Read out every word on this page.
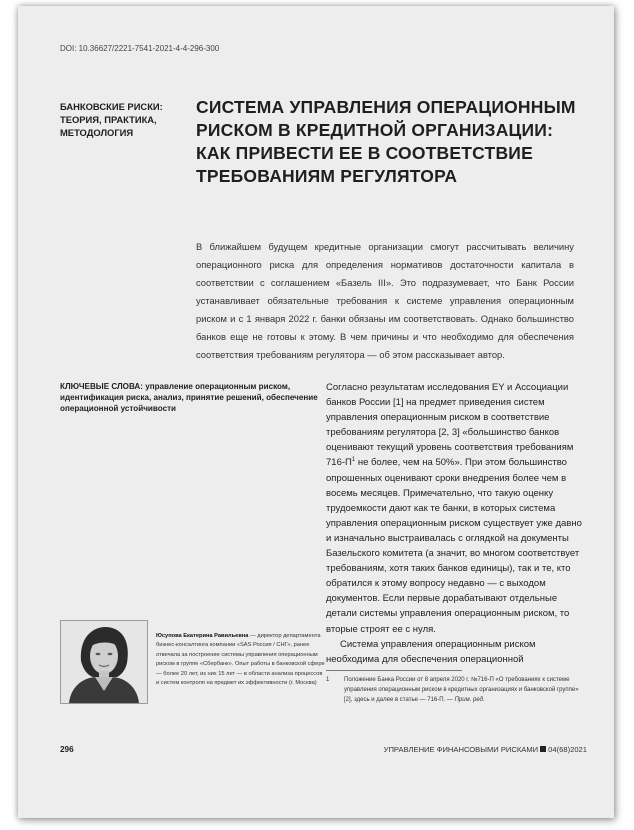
DOI: 10.36627/2221-7541-2021-4-4-296-300
БАНКОВСКИЕ РИСКИ:
ТЕОРИЯ, ПРАКТИКА,
МЕТОДОЛОГИЯ
СИСТЕМА УПРАВЛЕНИЯ ОПЕРАЦИОННЫМ
РИСКОМ В КРЕДИТНОЙ ОРГАНИЗАЦИИ:
КАК ПРИВЕСТИ ЕЕ В СООТВЕТСТВИЕ
ТРЕБОВАНИЯМ РЕГУЛЯТОРА
В ближайшем будущем кредитные организации смогут рассчитывать величину операционного риска для определения нормативов достаточности капитала в соответствии с соглашением «Базель III». Это подразумевает, что Банк России устанавливает обязательные требования к системе управления операционным риском и с 1 января 2022 г. банки обязаны им соответствовать. Однако большинство банков еще не готовы к этому. В чем причины и что необходимо для обеспечения соответствия требованиям регулятора — об этом рассказывает автор.
КЛЮЧЕВЫЕ СЛОВА: управление операционным риском, идентификация риска, анализ, принятие решений, обеспечение операционной устойчивости

Согласно результатам исследования EY и Ассоциации банков России [1] на предмет приведения систем управления операционным риском в соответствие требованиям регулятора [2, 3] «большинство банков оценивают текущий уровень соответствия требованиям $716-П^1$ не более, чем на 50%». При этом большинство опрошенных оценивают сроки внедрения более чем в восемь месяцев. Примечательно, что такую оценку трудоемкости дают как те банки, в которых система управления операционным риском существует уже давно и изначально выстраивалась с оглядкой на документы Базельского комитета (а значит, во многом соответствует требованиям, хотя таких банков единицы), так и те, кто обратился к этому вопросу недавно — с выходом документов. Если первые дорабатывают отдельные детали системы управления операционным риском, то вторые строят ее с нуля.

Система управления операционным риском необходима для обеспечения операционной

Юсупова Екатерина Равильевна — директор департамента бизнес-консалтинга компании «SAS Россия / СНГ», ранее отвечала за построение системы управления операционным риском в группе «Сбербанк». Опыт работы в банковской сфере — более 20 лет, из них 15 лет — в области анализа процессов и систем контроля на предмет их эффективности (г. Москва)
1 Положение Банка России от 8 апреля 2020 г. №716-П «О требованиях к системе управления операционным риском в кредитных организациях и банковской группе» [2], здесь и далее в статье — 716-П. — Прим. ред.
296	УПРАВЛЕНИЕ ФИНАНСОВЫМИ РИСКАМИ 04(68)2021
